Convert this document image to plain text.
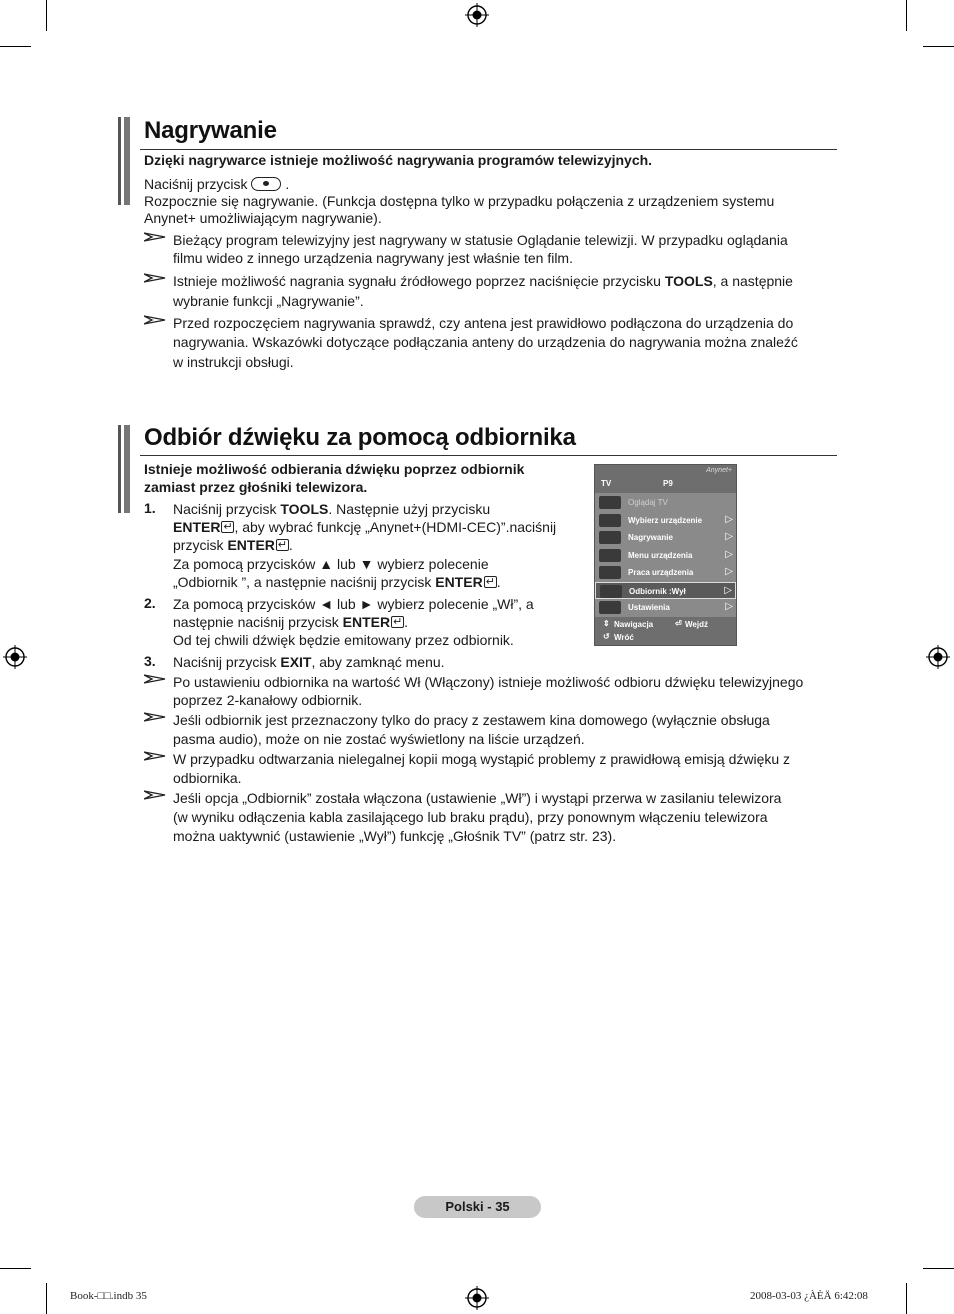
Nagrywanie
Dzięki nagrywarce istnieje możliwość nagrywania programów telewizyjnych.
Naciśnij przycisk	.
Rozpocznie się nagrywanie. (Funkcja dostępna tylko w przypadku połączenia z urządzeniem systemu
Anynet+ umożliwiającym nagrywanie).
Bieżący program telewizyjny jest nagrywany w statusie Oglądanie telewizji. W przypadku oglądania
filmu wideo z innego urządzenia nagrywany jest właśnie ten film.
Istnieje możliwość nagrania sygnału źródłowego poprzez naciśnięcie przycisku TOOLS, a następnie
wybranie funkcji „Nagrywanie”.
Przed rozpoczęciem nagrywania sprawdź, czy antena jest prawidłowo podłączona do urządzenia do
nagrywania. Wskazówki dotyczące podłączania anteny do urządzenia do nagrywania można znaleźć
w instrukcji obsługi.
Odbiór dźwięku za pomocą odbiornika
Istnieje możliwość odbierania dźwięku poprzez odbiornik
zamiast przez głośniki telewizora.
1. Naciśnij przycisk TOOLS. Następnie użyj przycisku
ENTER ↵ , aby wybrać funkcję „Anynet+(HDMI-CEC)”.naciśnij
przycisk ENTER ↵ .
Za pomocą przycisków ▲ lub ▼ wybierz polecenie
„Odbiornik ”, a następnie naciśnij przycisk ENTER ↵ .
2. Za pomocą przycisków ◄ lub ► wybierz polecenie „Wł”, a
następnie naciśnij przycisk ENTER ↵ .
Od tej chwili dźwięk będzie emitowany przez odbiornik.
3. Naciśnij przycisk EXIT, aby zamknąć menu.
Po ustawieniu odbiornika na wartość Wł (Włączony) istnieje możliwość odbioru dźwięku telewizyjnego
poprzez 2-kanałowy odbiornik.
Jeśli odbiornik jest przeznaczony tylko do pracy z zestawem kina domowego (wyłącznie obsługa
pasma audio), może on nie zostać wyświetlony na liście urządzeń.
W przypadku odtwarzania nielegalnej kopii mogą wystąpić problemy z prawidłową emisją dźwięku z
odbiornika.
Jeśli opcja „Odbiornik” została włączona (ustawienie „Wł”) i wystąpi przerwa w zasilaniu telewizora
(w wyniku odłączenia kabla zasilającego lub braku prądu), przy ponownym włączeniu telewizora
można uaktywnić (ustawienie „Wył”) funkcję „Głośnik TV” (patrz str. 23).
TV	P9
Anynet+
Oglądaj TV
Wybierz urządzenie ▷
Nagrywanie	▷
Menu urządzenia	▷
Praca urządzenia	▷
Odbiornik :Wył	▷
Ustawienia	▷
⇕ Nawigacja	⏎ Wejdź
↺ Wróć
Polski - 35
Book-□□.indb 35	2008-03-03 ¿ÀÈÄ 6:42:08
